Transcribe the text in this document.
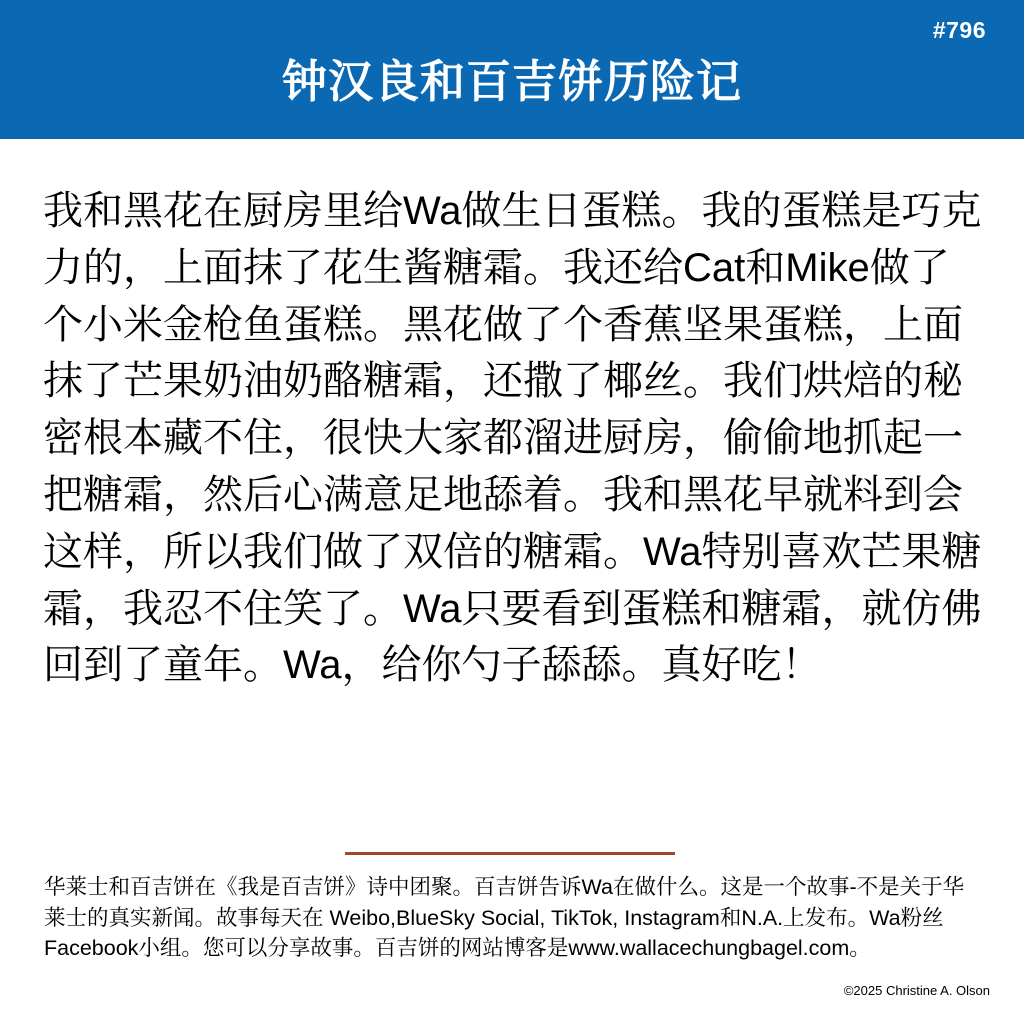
#796
钟汉良和百吉饼历险记
我和黑花在厨房里给Wa做生日蛋糕。我的蛋糕是巧克力的，上面抹了花生酱糖霜。我还给Cat和Mike做了个小米金枪鱼蛋糕。黑花做了个香蕉坚果蛋糕，上面抹了芒果奶油奶酪糖霜，还撒了椰丝。我们烘焙的秘密根本藏不住，很快大家都溜进厨房，偷偷地抓起一把糖霜，然后心满意足地舔着。我和黑花早就料到会这样，所以我们做了双倍的糖霜。Wa特别喜欢芒果糖霜，我忍不住笑了。Wa只要看到蛋糕和糖霜，就仿佛回到了童年。Wa，给你勺子舔舔。真好吃！
华莱士和百吉饼在《我是百吉饼》诗中团聚。百吉饼告诉Wa在做什么。这是一个故事-不是关于华莱士的真实新闻。故事每天在 Weibo,BlueSky Social, TikTok, Instagram和N.A.上发布。Wa粉丝Facebook小组。您可以分享故事。百吉饼的网站博客是www.wallacechungbagel.com。
©2025 Christine A. Olson
